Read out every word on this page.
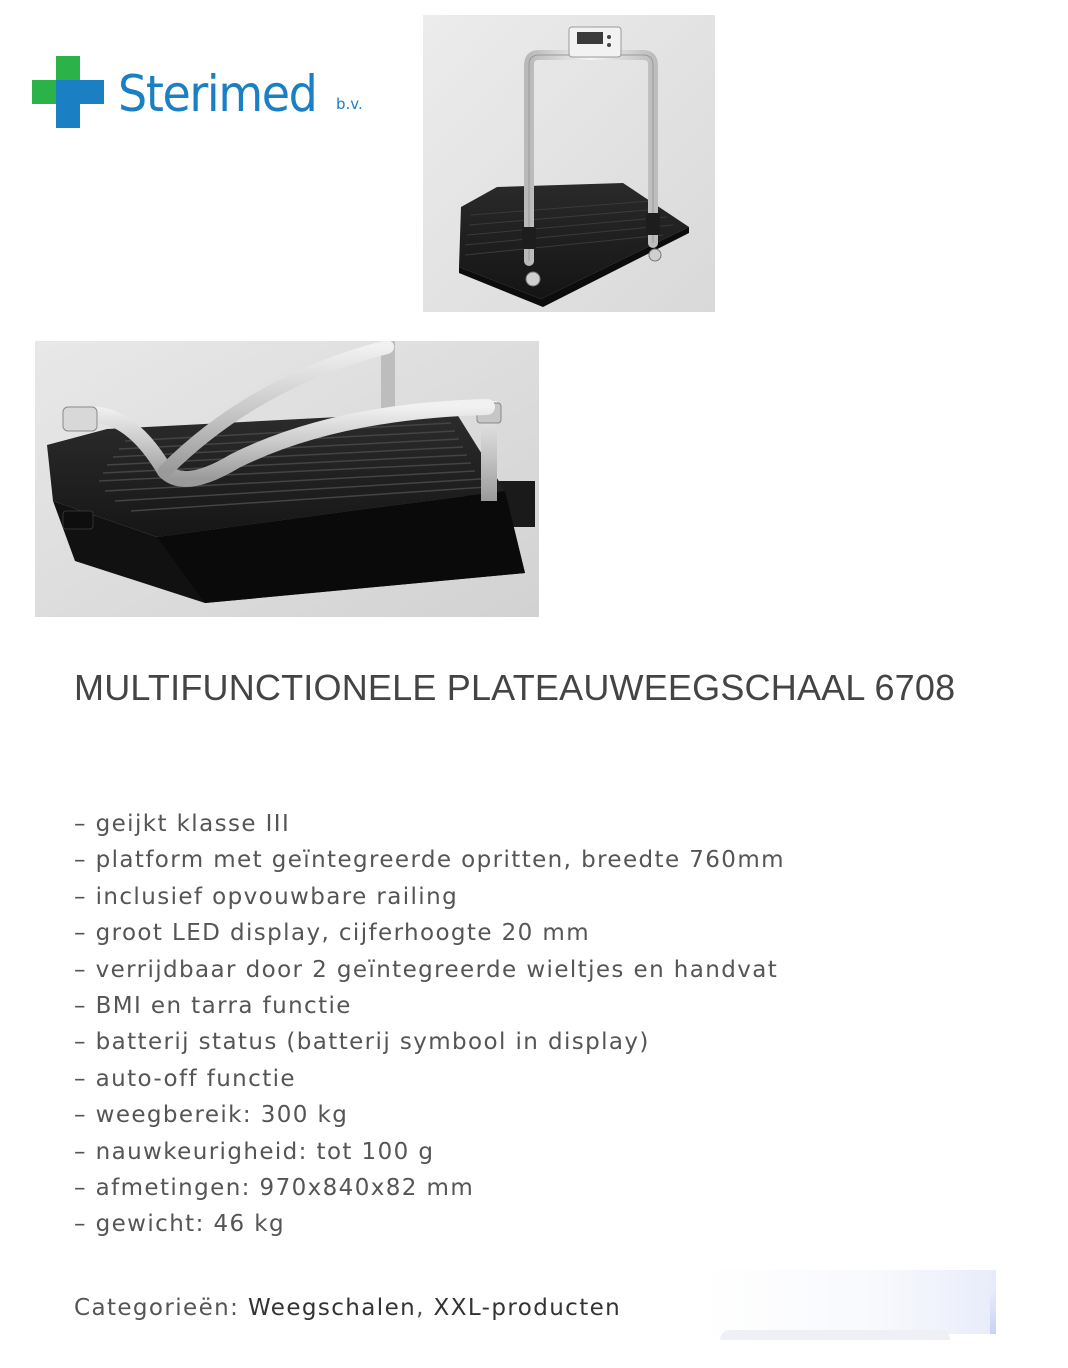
Sterimed b.v.
MULTIFUNCTIONELE PLATEAUWEEGSCHAAL 6708
– geijkt klasse III
– platform met geïntegreerde opritten, breedte 760mm
– inclusief opvouwbare railing
– groot LED display, cijferhoogte 20 mm
– verrijdbaar door 2 geïntegreerde wieltjes en handvat
– BMI en tarra functie
– batterij status (batterij symbool in display)
– auto-off functie
– weegbereik: 300 kg
– nauwkeurigheid: tot 100 g
– afmetingen: 970x840x82 mm
– gewicht: 46 kg
Categorieën: Weegschalen, XXL-producten
